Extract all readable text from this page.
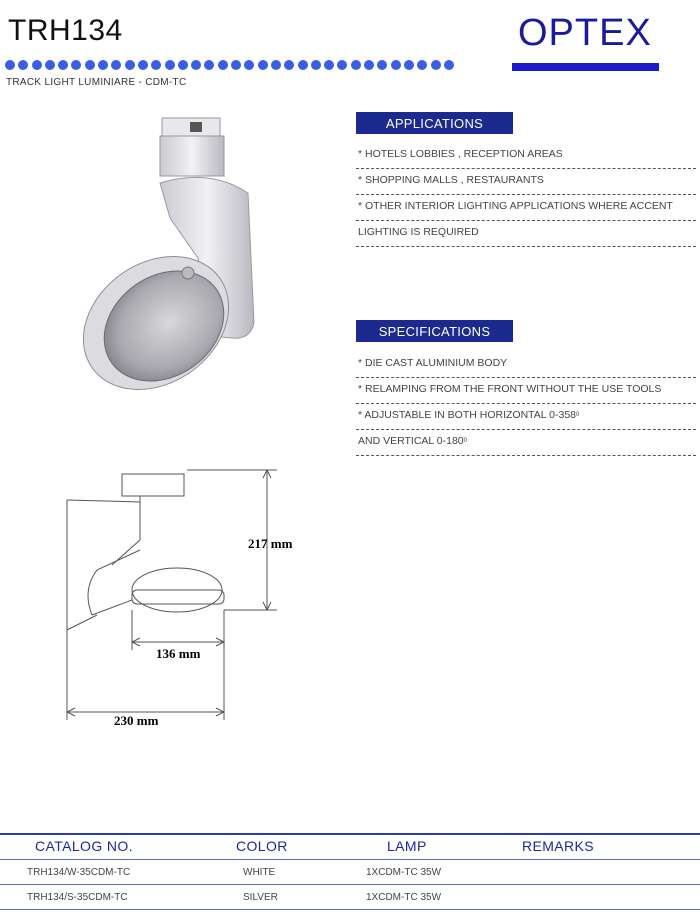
TRH134	OPTEX
TRACK LIGHT LUMINIARE - CDM-TC
217 mm
136 mm
230 mm
APPLICATIONS
* HOTELS LOBBIES , RECEPTION AREAS
* SHOPPING MALLS , RESTAURANTS
* OTHER INTERIOR LIGHTING APPLICATIONS WHERE ACCENT
LIGHTING IS REQUIRED
SPECIFICATIONS
* DIE CAST ALUMINIUM BODY
* RELAMPING FROM THE FRONT WITHOUT THE USE TOOLS
* ADJUSTABLE IN BOTH HORIZONTAL $0-358^0$
AND VERTICAL $0-180^0$
CATALOG NO.	COLOR	LAMP	REMARKS
TRH134/W-35CDM-TC	WHITE	1XCDM-TC 35W
TRH134/S-35CDM-TC	SILVER	1XCDM-TC 35W
